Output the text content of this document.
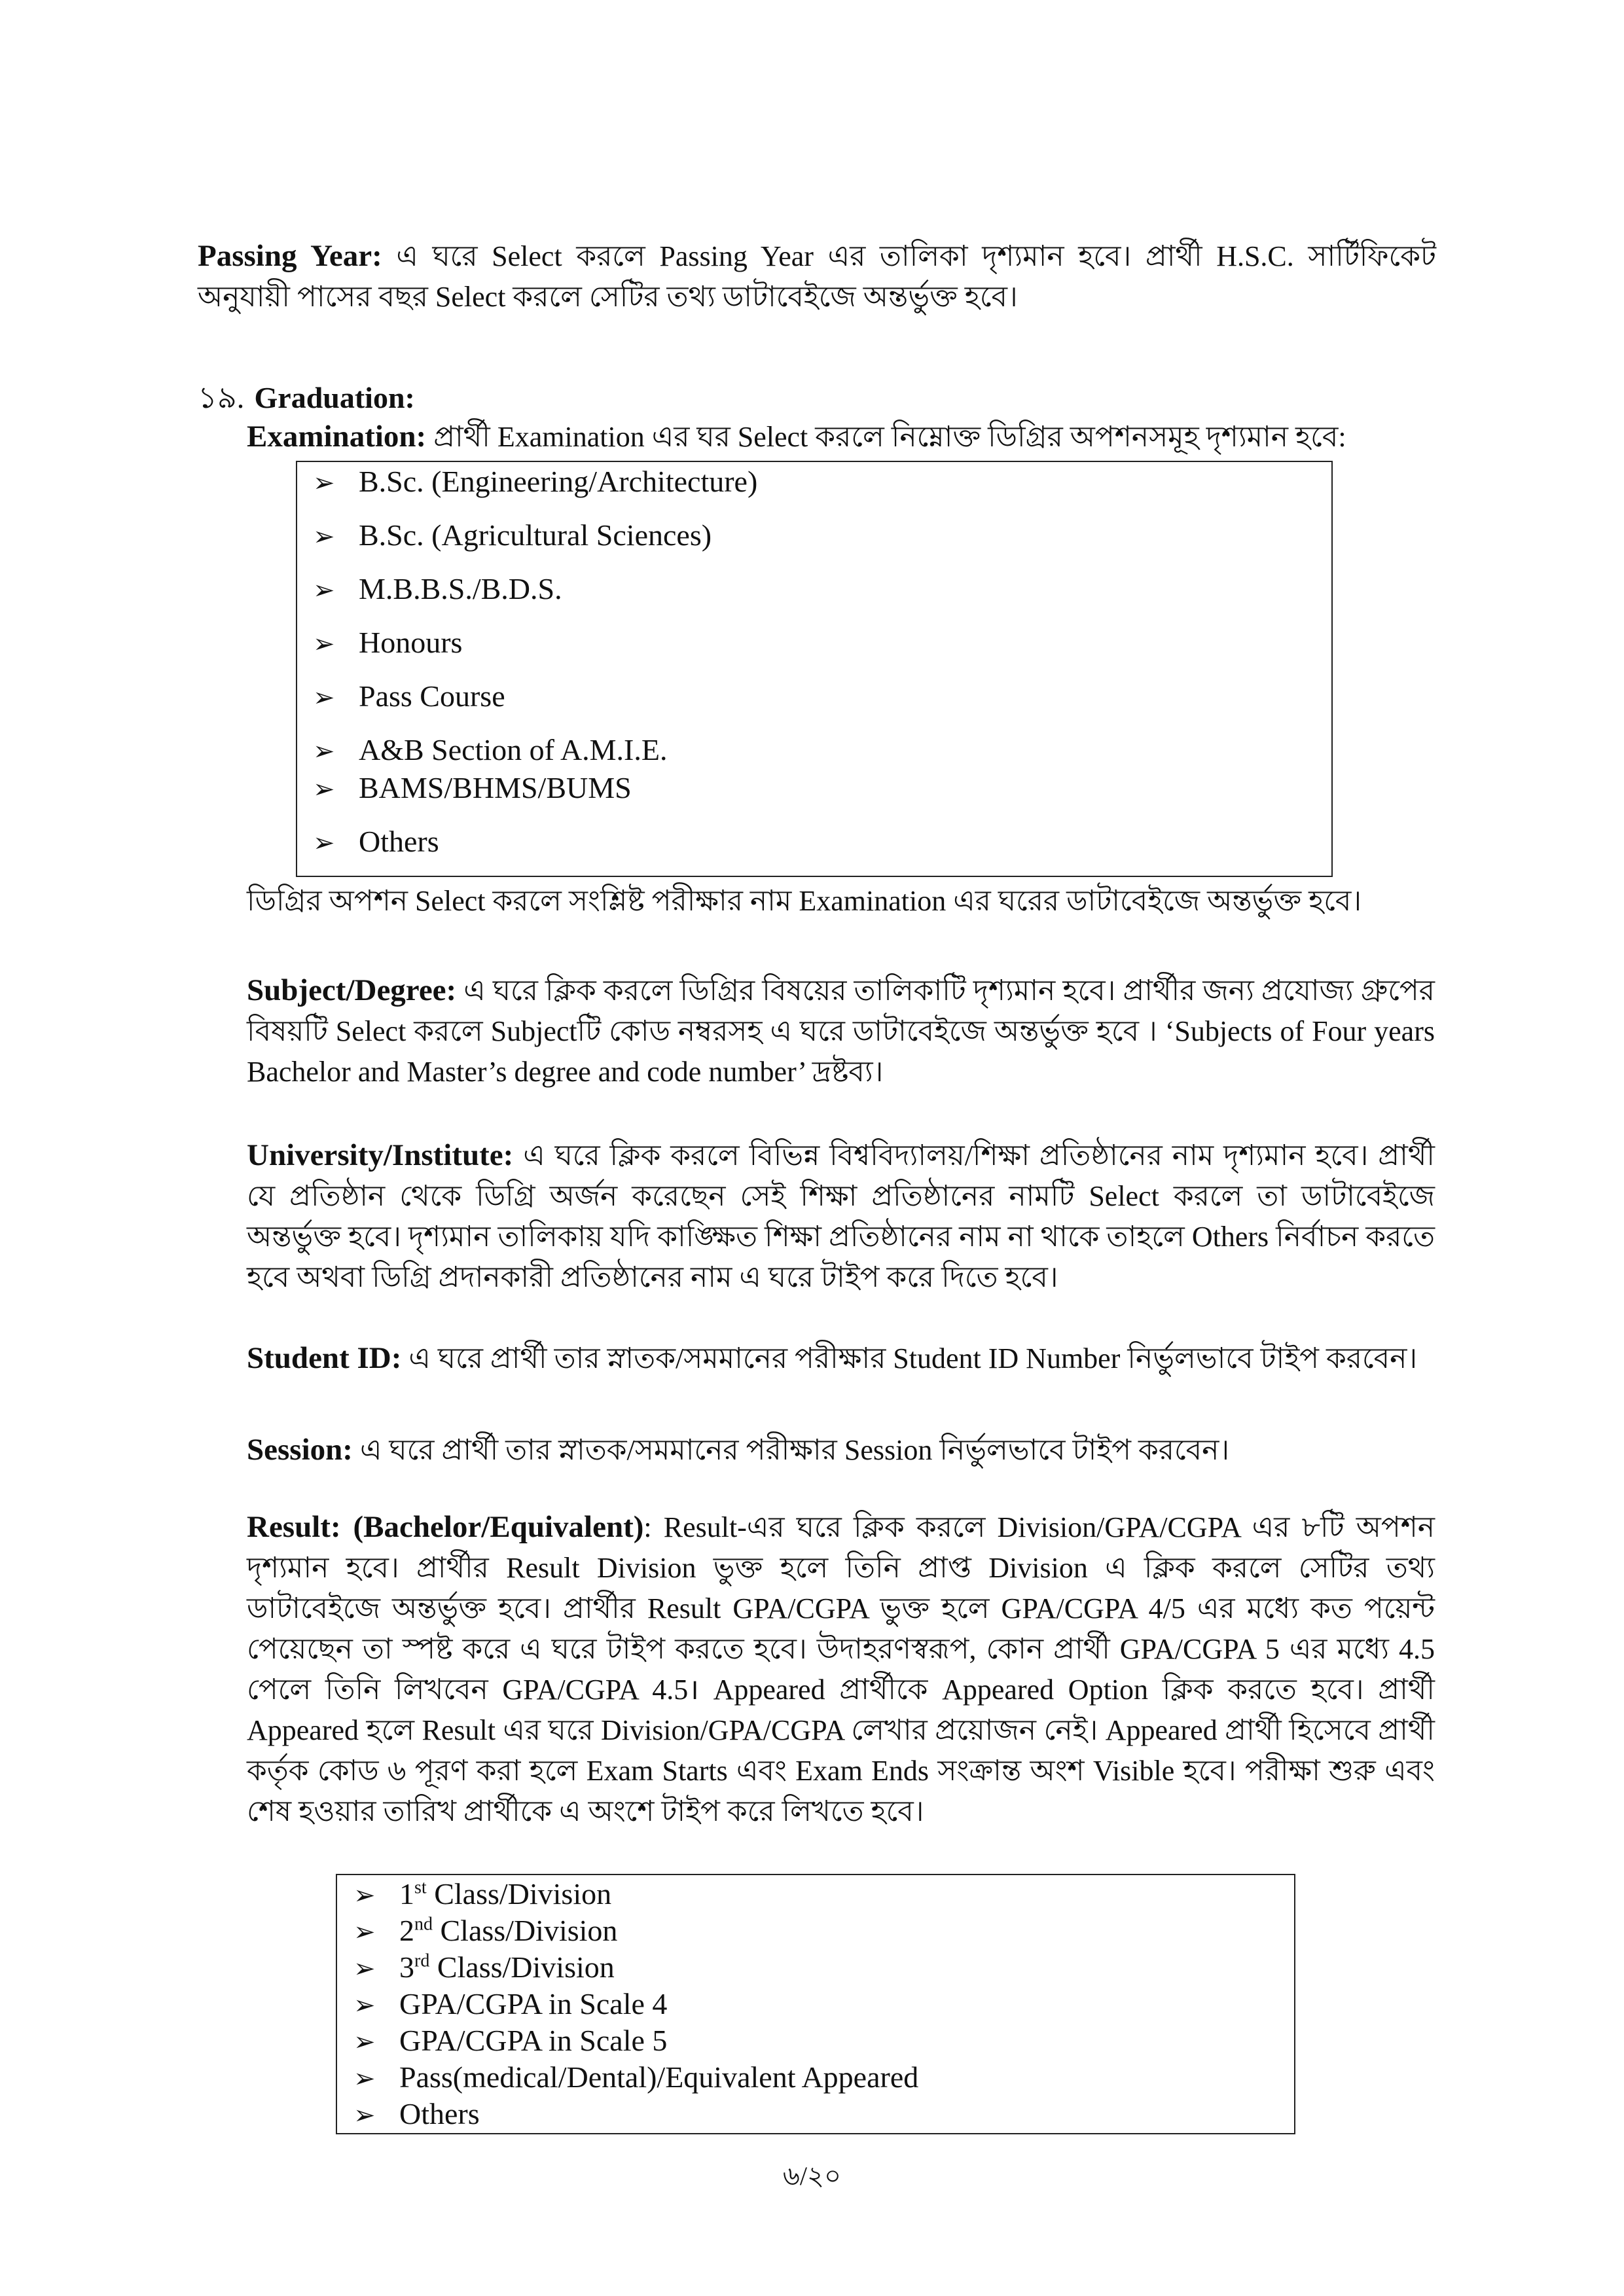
Passing Year: এ ঘরে Select করলে Passing Year এর তালিকা দৃশ্যমান হবে। প্রার্থী H.S.C. সার্টিফিকেট অনুযায়ী পাসের বছর Select করলে সেটির তথ্য ডাটাবেইজে অন্তর্ভুক্ত হবে।
১৯. Graduation:
Examination: প্রার্থী Examination এর ঘর Select করলে নিম্নোক্ত ডিগ্রির অপশনসমূহ দৃশ্যমান হবে:
➢ B.Sc. (Engineering/Architecture)
➢ B.Sc. (Agricultural Sciences)
➢ M.B.B.S./B.D.S.
➢ Honours
➢ Pass Course
➢ A&B Section of A.M.I.E.
➢ BAMS/BHMS/BUMS
➢ Others
ডিগ্রির অপশন Select করলে সংশ্লিষ্ট পরীক্ষার নাম Examination এর ঘরের ডাটাবেইজে অন্তর্ভুক্ত হবে।
Subject/Degree: এ ঘরে ক্লিক করলে ডিগ্রির বিষয়ের তালিকাটি দৃশ্যমান হবে। প্রার্থীর জন্য প্রযোজ্য গ্রুপের বিষয়টি Select করলে Subjectটি কোড নম্বরসহ এ ঘরে ডাটাবেইজে অন্তর্ভুক্ত হবে । ‘Subjects of Four years Bachelor and Master’s degree and code number’ দ্রষ্টব্য।
University/Institute: এ ঘরে ক্লিক করলে বিভিন্ন বিশ্ববিদ্যালয়/শিক্ষা প্রতিষ্ঠানের নাম দৃশ্যমান হবে। প্রার্থী যে প্রতিষ্ঠান থেকে ডিগ্রি অর্জন করেছেন সেই শিক্ষা প্রতিষ্ঠানের নামটি Select করলে তা ডাটাবেইজে অন্তর্ভুক্ত হবে। দৃশ্যমান তালিকায় যদি কাঙ্ক্ষিত শিক্ষা প্রতিষ্ঠানের নাম না থাকে তাহলে Others নির্বাচন করতে হবে অথবা ডিগ্রি প্রদানকারী প্রতিষ্ঠানের নাম এ ঘরে টাইপ করে দিতে হবে।
Student ID: এ ঘরে প্রার্থী তার স্নাতক/সমমানের পরীক্ষার Student ID Number নির্ভুলভাবে টাইপ করবেন।
Session: এ ঘরে প্রার্থী তার স্নাতক/সমমানের পরীক্ষার Session নির্ভুলভাবে টাইপ করবেন।
Result: (Bachelor/Equivalent): Result-এর ঘরে ক্লিক করলে Division/GPA/CGPA এর ৮টি অপশন দৃশ্যমান হবে। প্রার্থীর Result Division ভুক্ত হলে তিনি প্রাপ্ত Division এ ক্লিক করলে সেটির তথ্য ডাটাবেইজে অন্তর্ভুক্ত হবে। প্রার্থীর Result GPA/CGPA ভুক্ত হলে GPA/CGPA 4/5 এর মধ্যে কত পয়েন্ট পেয়েছেন তা স্পষ্ট করে এ ঘরে টাইপ করতে হবে। উদাহরণস্বরূপ, কোন প্রার্থী GPA/CGPA 5 এর মধ্যে 4.5 পেলে তিনি লিখবেন GPA/CGPA 4.5। Appeared প্রার্থীকে Appeared Option ক্লিক করতে হবে। প্রার্থী Appeared হলে Result এর ঘরে Division/GPA/CGPA লেখার প্রয়োজন নেই। Appeared প্রার্থী হিসেবে প্রার্থী কর্তৃক কোড ৬ পূরণ করা হলে Exam Starts এবং Exam Ends সংক্রান্ত অংশ Visible হবে। পরীক্ষা শুরু এবং শেষ হওয়ার তারিখ প্রার্থীকে এ অংশে টাইপ করে লিখতে হবে।
➢ 1st Class/Division
➢ 2nd Class/Division
➢ 3rd Class/Division
➢ GPA/CGPA in Scale 4
➢ GPA/CGPA in Scale 5
➢ Pass(medical/Dental)/Equivalent Appeared
➢ Others
৬/২০
